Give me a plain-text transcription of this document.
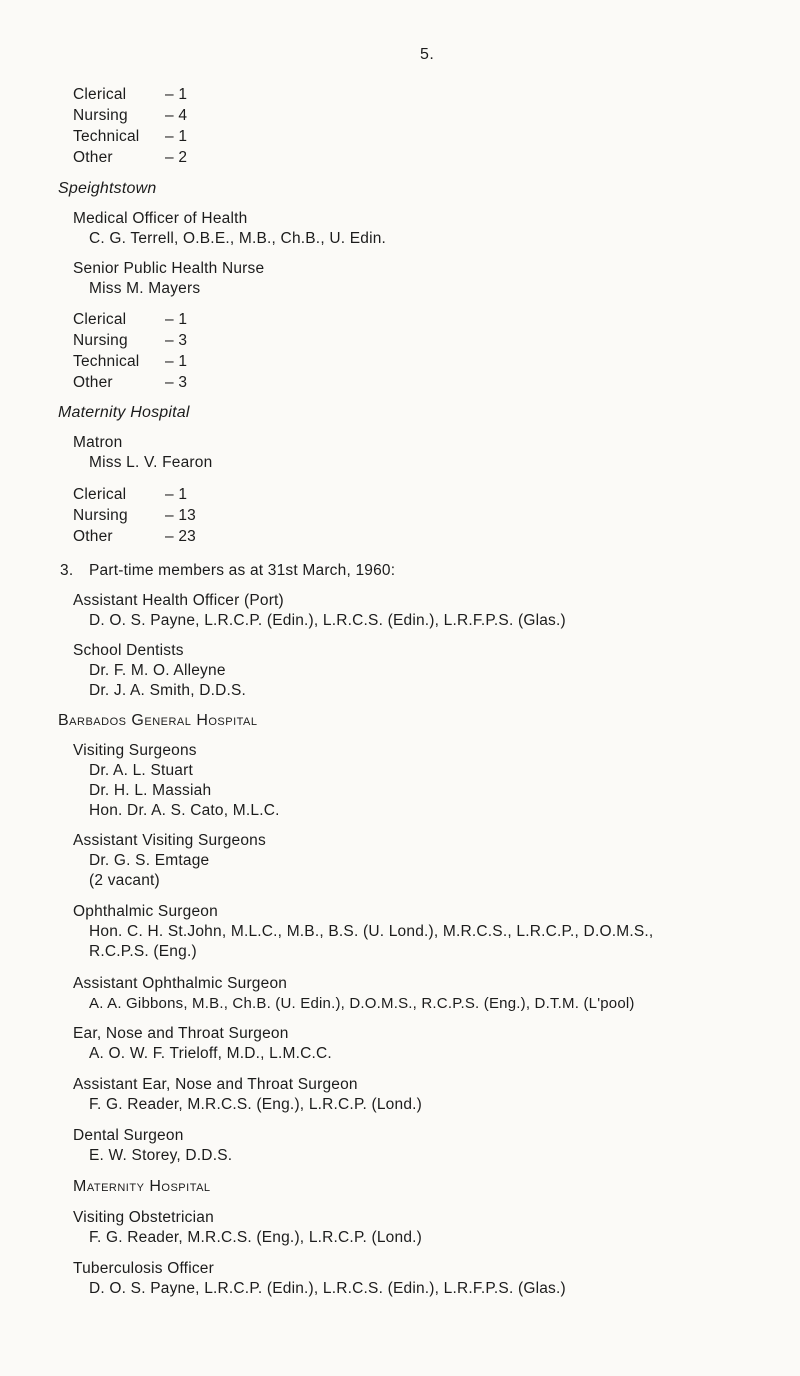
5.
Clerical – 1
Nursing – 4
Technical – 1
Other	– 2
Speightstown
Medical Officer of Health
C. G. Terrell, O.B.E., M.B., Ch.B., U. Edin.
Senior Public Health Nurse
Miss M. Mayers
Clerical – 1
Nursing – 3
Technical – 1
Other	– 3
Maternity Hospital
Matron
Miss L. V. Fearon
Clerical – 1
Nursing – 13
Other	– 23
3. Part-time members as at 31st March, 1960:
Assistant Health Officer (Port)
D. O. S. Payne, L.R.C.P. (Edin.), L.R.C.S. (Edin.), L.R.F.P.S. (Glas.)
School Dentists
Dr. F. M. O. Alleyne
Dr. J. A. Smith, D.D.S.
Barbados General Hospital
Visiting Surgeons
Dr. A. L. Stuart
Dr. H. L. Massiah
Hon. Dr. A. S. Cato, M.L.C.
Assistant Visiting Surgeons
Dr. G. S. Emtage
(2 vacant)
Ophthalmic Surgeon
Hon. C. H. St.John, M.L.C., M.B., B.S. (U. Lond.), M.R.C.S., L.R.C.P., D.O.M.S.,
R.C.P.S. (Eng.)
Assistant Ophthalmic Surgeon
A. A. Gibbons, M.B., Ch.B. (U. Edin.), D.O.M.S., R.C.P.S. (Eng.), D.T.M. (L'pool)
Ear, Nose and Throat Surgeon
A. O. W. F. Trieloff, M.D., L.M.C.C.
Assistant Ear, Nose and Throat Surgeon
F. G. Reader, M.R.C.S. (Eng.), L.R.C.P. (Lond.)
Dental Surgeon
E. W. Storey, D.D.S.
Maternity Hospital
Visiting Obstetrician
F. G. Reader, M.R.C.S. (Eng.), L.R.C.P. (Lond.)
Tuberculosis Officer
D. O. S. Payne, L.R.C.P. (Edin.), L.R.C.S. (Edin.), L.R.F.P.S. (Glas.)
